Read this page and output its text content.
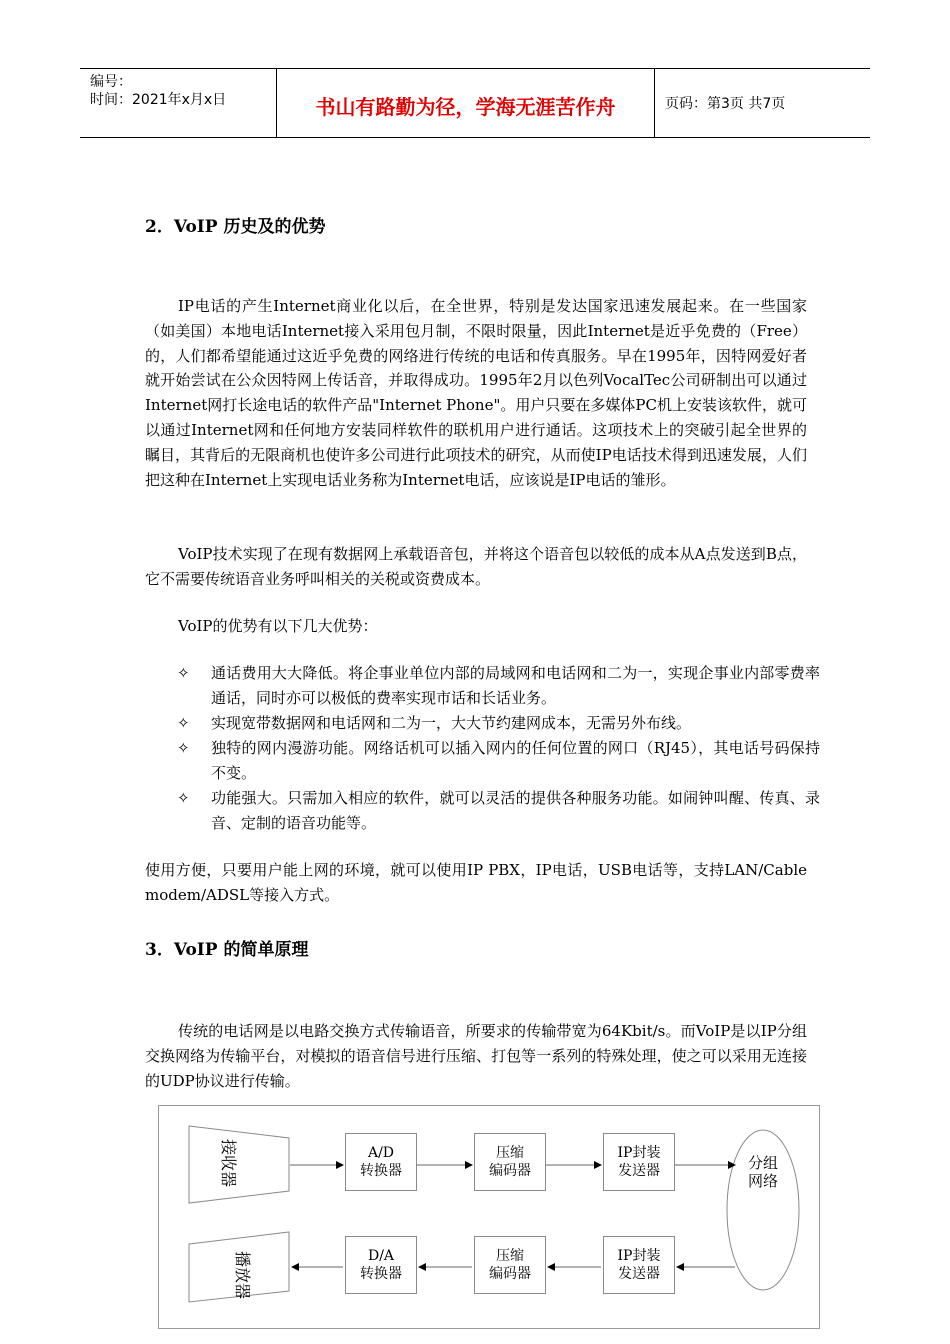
编号：
时间：2021年x月x日	书山有路勤为径，学海无涯苦作舟	页码：第3页 共7页
2．VoIP 历史及的优势
IP电话的产生Internet商业化以后，在全世界，特别是发达国家迅速发展起来。在一些国家（如美国）本地电话Internet接入采用包月制，不限时限量，因此Internet是近乎免费的（Free）的，人们都希望能通过这近乎免费的网络进行传统的电话和传真服务。早在1995年，因特网爱好者就开始尝试在公众因特网上传话音，并取得成功。1995年2月以色列VocalTec公司研制出可以通过Internet网打长途电话的软件产品"Internet Phone"。用户只要在多媒体PC机上安装该软件，就可以通过Internet网和任何地方安装同样软件的联机用户进行通话。这项技术上的突破引起全世界的瞩目，其背后的无限商机也使许多公司进行此项技术的研究，从而使IP电话技术得到迅速发展，人们把这种在Internet上实现电话业务称为Internet电话，应该说是IP电话的雏形。
VoIP技术实现了在现有数据网上承载语音包，并将这个语音包以较低的成本从A点发送到B点，它不需要传统语音业务呼叫相关的关税或资费成本。
VoIP的优势有以下几大优势：
✧ 通话费用大大降低。将企事业单位内部的局域网和电话网和二为一，实现企事业内部零费率通话，同时亦可以极低的费率实现市话和长话业务。
✧ 实现宽带数据网和电话网和二为一，大大节约建网成本，无需另外布线。
✧ 独特的网内漫游功能。网络话机可以插入网内的任何位置的网口（RJ45），其电话号码保持不变。
✧ 功能强大。只需加入相应的软件，就可以灵活的提供各种服务功能。如闹钟叫醒、传真、录音、定制的语音功能等。
使用方便，只要用户能上网的环境，就可以使用IP PBX，IP电话，USB电话等，支持LAN/Cable modem/ADSL等接入方式。
3．VoIP 的简单原理
传统的电话网是以电路交换方式传输语音，所要求的传输带宽为64Kbit/s。而VoIP是以IP分组交换网络为传输平台，对模拟的语音信号进行压缩、打包等一系列的特殊处理，使之可以采用无连接的UDP协议进行传输。
接收器
播放器
A/D
转换器
压缩
编码器
IP封装
发送器	分组
网络
D/A
转换器
压缩
编码器
IP封装
发送器
